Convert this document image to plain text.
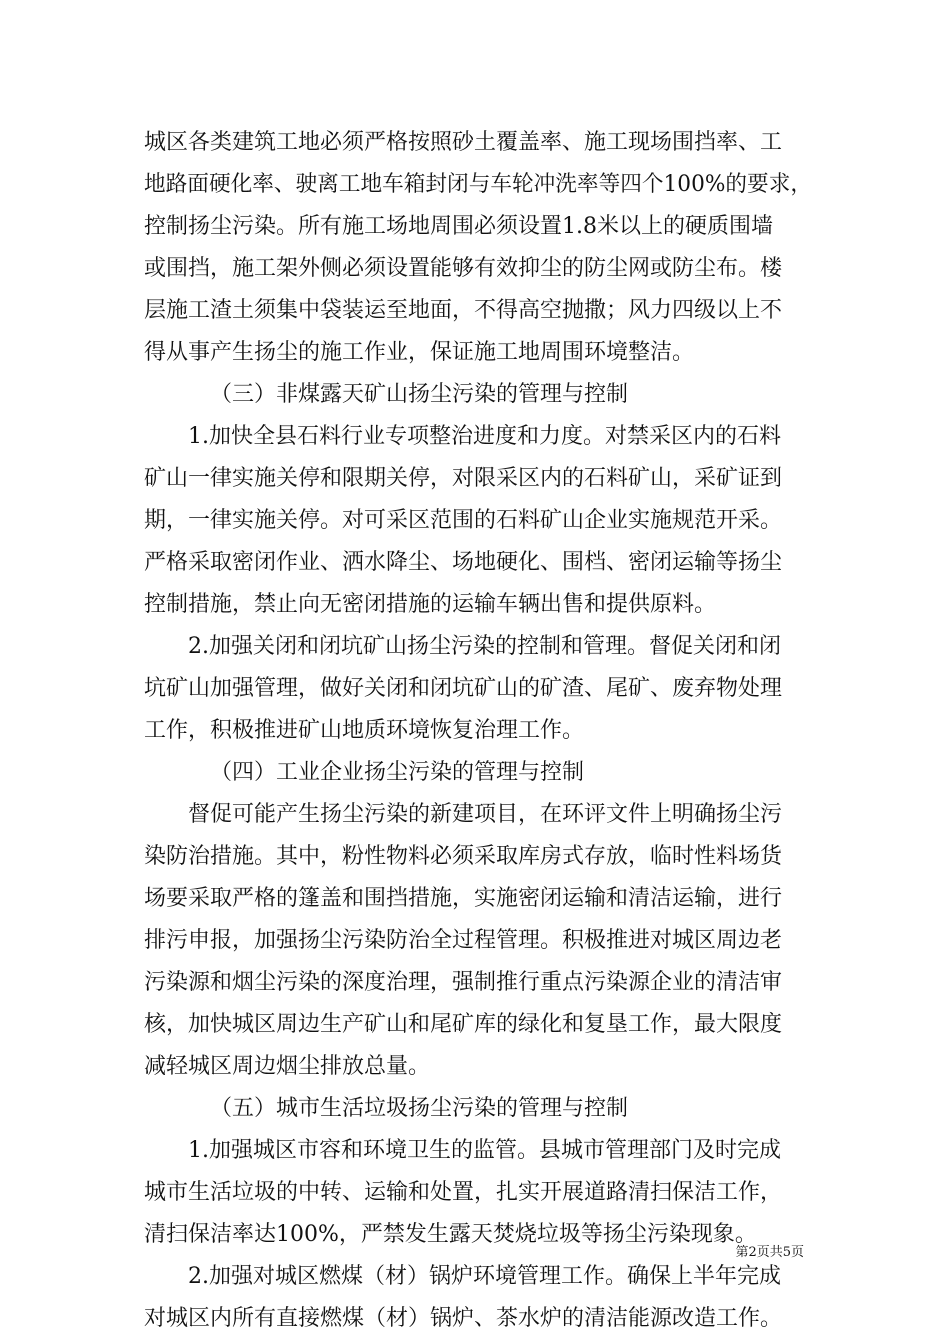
城区各类建筑工地必须严格按照砂土覆盖率、施工现场围挡率、工
地路面硬化率、驶离工地车箱封闭与车轮冲洗率等四个100%的要求，
控制扬尘污染。所有施工场地周围必须设置1.8米以上的硬质围墙
或围挡，施工架外侧必须设置能够有效抑尘的防尘网或防尘布。楼
层施工渣土须集中袋装运至地面，不得高空抛撒；风力四级以上不
得从事产生扬尘的施工作业，保证施工地周围环境整洁。
（三）非煤露天矿山扬尘污染的管理与控制
1.加快全县石料行业专项整治进度和力度。对禁采区内的石料
矿山一律实施关停和限期关停，对限采区内的石料矿山，采矿证到
期，一律实施关停。对可采区范围的石料矿山企业实施规范开采。
严格采取密闭作业、洒水降尘、场地硬化、围档、密闭运输等扬尘
控制措施，禁止向无密闭措施的运输车辆出售和提供原料。
2.加强关闭和闭坑矿山扬尘污染的控制和管理。督促关闭和闭
坑矿山加强管理，做好关闭和闭坑矿山的矿渣、尾矿、废弃物处理
工作，积极推进矿山地质环境恢复治理工作。
（四）工业企业扬尘污染的管理与控制
督促可能产生扬尘污染的新建项目，在环评文件上明确扬尘污
染防治措施。其中，粉性物料必须采取库房式存放，临时性料场货
场要采取严格的篷盖和围挡措施，实施密闭运输和清洁运输，进行
排污申报，加强扬尘污染防治全过程管理。积极推进对城区周边老
污染源和烟尘污染的深度治理，强制推行重点污染源企业的清洁审
核，加快城区周边生产矿山和尾矿库的绿化和复垦工作，最大限度
减轻城区周边烟尘排放总量。
（五）城市生活垃圾扬尘污染的管理与控制
1.加强城区市容和环境卫生的监管。县城市管理部门及时完成
城市生活垃圾的中转、运输和处置，扎实开展道路清扫保洁工作，
清扫保洁率达100%，严禁发生露天焚烧垃圾等扬尘污染现象。
2.加强对城区燃煤（材）锅炉环境管理工作。确保上半年完成
对城区内所有直接燃煤（材）锅炉、茶水炉的清洁能源改造工作。
第2页共5页
